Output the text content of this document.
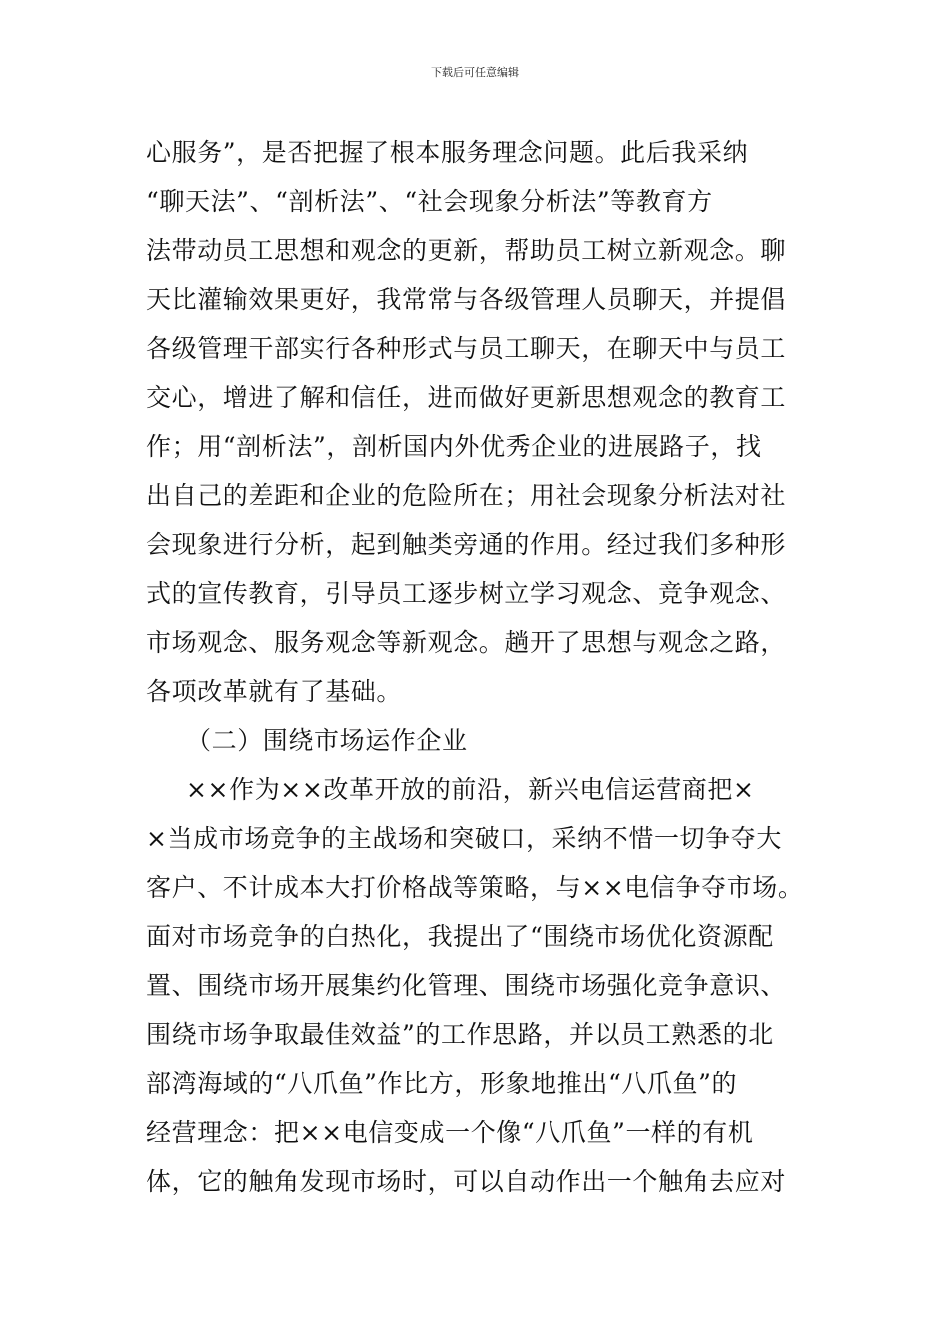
下载后可任意编辑
心服务”，是否把握了根本服务理念问题。此后我采纳
“聊天法”、“剖析法”、“社会现象分析法”等教育方
法带动员工思想和观念的更新，帮助员工树立新观念。聊
天比灌输效果更好，我常常与各级管理人员聊天，并提倡
各级管理干部实行各种形式与员工聊天，在聊天中与员工
交心，增进了解和信任，进而做好更新思想观念的教育工
作；用“剖析法”，剖析国内外优秀企业的进展路子，找
出自己的差距和企业的危险所在；用社会现象分析法对社
会现象进行分析，起到触类旁通的作用。经过我们多种形
式的宣传教育，引导员工逐步树立学习观念、竞争观念、
市场观念、服务观念等新观念。趟开了思想与观念之路，
各项改革就有了基础。
（二）围绕市场运作企业
××作为××改革开放的前沿，新兴电信运营商把×
×当成市场竞争的主战场和突破口，采纳不惜一切争夺大
客户、不计成本大打价格战等策略，与××电信争夺市场。
面对市场竞争的白热化，我提出了“围绕市场优化资源配
置、围绕市场开展集约化管理、围绕市场强化竞争意识、
围绕市场争取最佳效益”的工作思路，并以员工熟悉的北
部湾海域的“八爪鱼”作比方，形象地推出“八爪鱼”的
经营理念：把××电信变成一个像“八爪鱼”一样的有机
体，它的触角发现市场时，可以自动作出一个触角去应对
